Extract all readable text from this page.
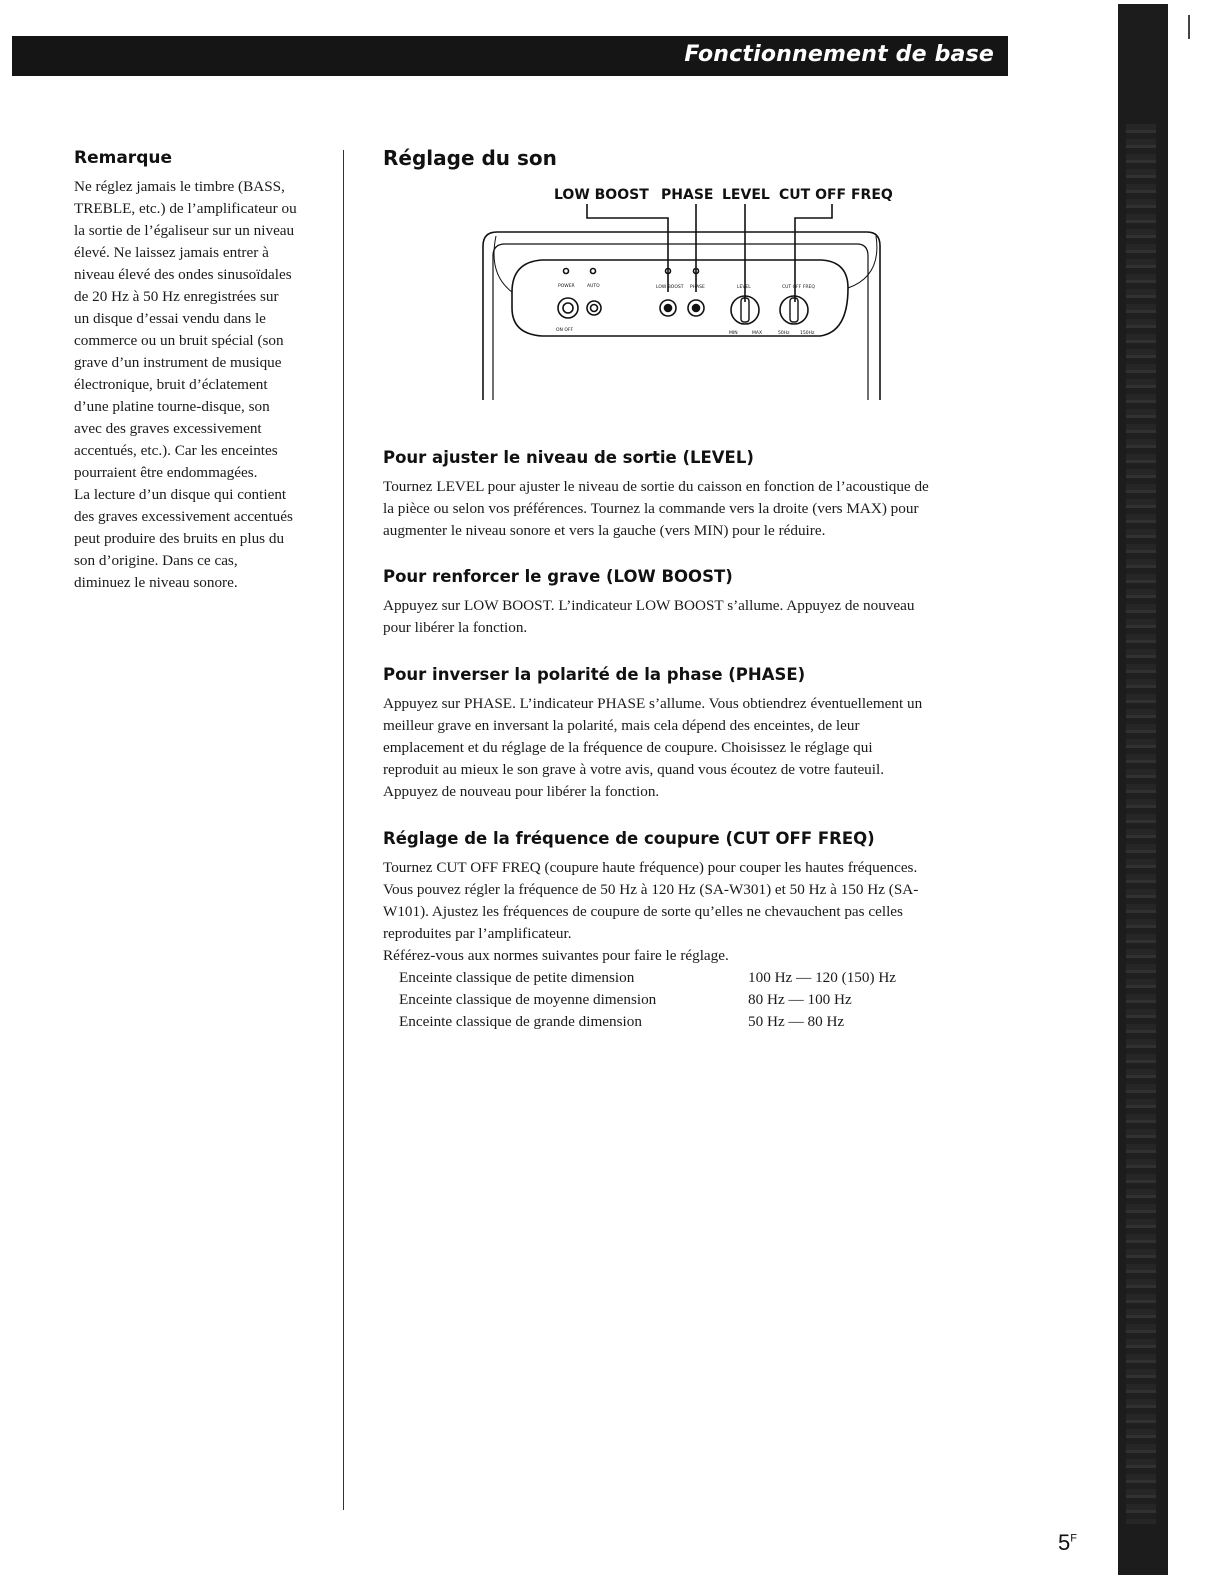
Fonctionnement de base
Remarque

Ne réglez jamais le timbre (BASS,
TREBLE, etc.) de l’amplificateur ou
la sortie de l’égaliseur sur un niveau
élevé. Ne laissez jamais entrer à
niveau élevé des ondes sinusoïdales
de 20 Hz à 50 Hz enregistrées sur
un disque d’essai vendu dans le
commerce ou un bruit spécial (son
grave d’un instrument de musique
électronique, bruit d’éclatement
d’une platine tourne-disque, son
avec des graves excessivement
accentués, etc.). Car les enceintes
pourraient être endommagées.
La lecture d’un disque qui contient
des graves excessivement accentués
peut produire des bruits en plus du
son d’origine. Dans ce cas,
diminuez le niveau sonore.

Réglage du son
LOW BOOST PHASE LEVEL CUT OFF FREQ
POWER	AUTO	LOW BOOST PHASE	LEVEL	CUT OFF FREQ
ON OFF
MIN	MAX	50Hz 150Hz
Pour ajuster le niveau de sortie (LEVEL)

Tournez LEVEL pour ajuster le niveau de sortie du caisson en fonction de l’acoustique de
la pièce ou selon vos préférences. Tournez la commande vers la droite (vers MAX) pour
augmenter le niveau sonore et vers la gauche (vers MIN) pour le réduire.

Pour renforcer le grave (LOW BOOST)

Appuyez sur LOW BOOST. L’indicateur LOW BOOST s’allume. Appuyez de nouveau
pour libérer la fonction.

Pour inverser la polarité de la phase (PHASE)

Appuyez sur PHASE. L’indicateur PHASE s’allume. Vous obtiendrez éventuellement un
meilleur grave en inversant la polarité, mais cela dépend des enceintes, de leur
emplacement et du réglage de la fréquence de coupure. Choisissez le réglage qui
reproduit au mieux le son grave à votre avis, quand vous écoutez de votre fauteuil.
Appuyez de nouveau pour libérer la fonction.

Réglage de la fréquence de coupure (CUT OFF FREQ)

Tournez CUT OFF FREQ (coupure haute fréquence) pour couper les hautes fréquences.
Vous pouvez régler la fréquence de 50 Hz à 120 Hz (SA-W301) et 50 Hz à 150 Hz (SA-
W101). Ajustez les fréquences de coupure de sorte qu’elles ne chevauchent pas celles
reproduites par l’amplificateur.
Référez-vous aux normes suivantes pour faire le réglage.

Enceinte classique de petite dimension	100 Hz — 120 (150) Hz
Enceinte classique de moyenne dimension	80 Hz — 100 Hz
Enceinte classique de grande dimension	50 Hz — 80 Hz
$5^F$
